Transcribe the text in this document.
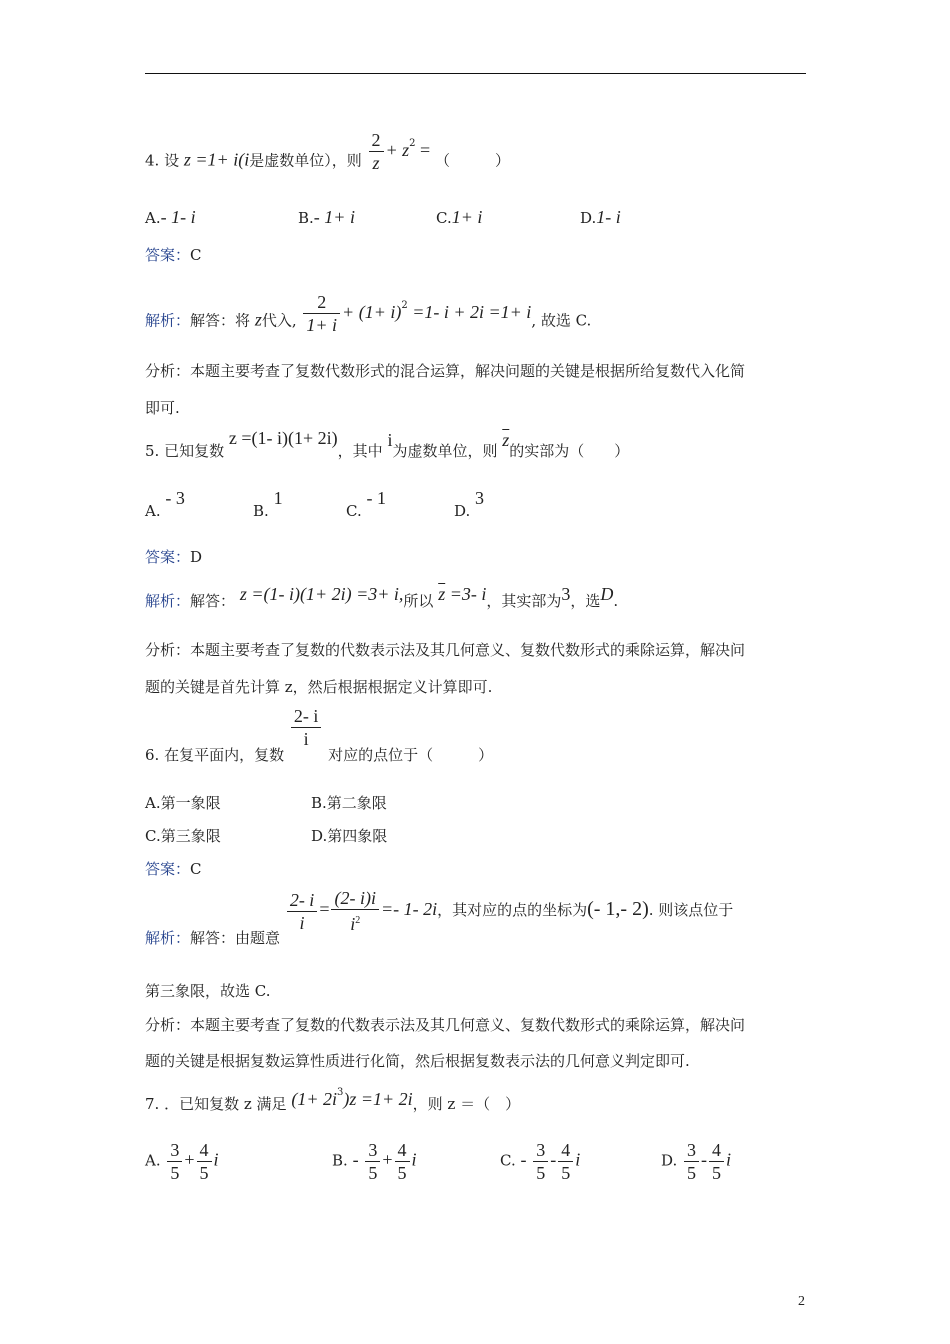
4. 设 z =1+ i(i是虚数单位），则 $\frac{2}{z} + z^2$ = （　　　）
A.- 1- i	B.- 1+ i	C.1+ i	D.1- i
答案：C
解析：解答：将 z代入, $\frac{2}{1+ i} + (1+ i)^2 =1-$ i + 2i =1+ i, 故选 C.
分析：本题主要考查了复数代数形式的混合运算，解决问题的关键是根据所给复数代入化简
即可.
5. 已知复数 z =(1- i)(1+ 2i)，其中 i为虚数单位，则 $\overline{z}$的实部为（　　）
A. - 3
B. 1
C. - 1
D. 3
答案：D
解析：解答： z =(1- i)(1+ 2i) =3+ i,所以 $\overline{z} =3-$ i，其实部为3，选D.
分析：本题主要考查了复数的代数表示法及其几何意义、复数代数形式的乘除运算，解决问
题的关键是首先计算 z，然后根据根据定义计算即可.
6. 在复平面内，复数
$\frac{2- i}{i}$
对应的点位于（　　　）
A.第一象限	B.第二象限
C.第三象限	D.第四象限
答案：C
解析：解答：由题意
$\frac{2- i}{i} = \frac{(2- i)i}{i^2} =- 1-$ 2i，其对应的点的坐标为(- 1,- 2). 则该点位于
第三象限，故选 C.
分析：本题主要考查了复数的代数表示法及其几何意义、复数代数形式的乘除运算，解决问
题的关键是根据复数运算性质进行化简，然后根据复数表示法的几何意义判定即可.
7. ．已知复数 z 满足 $(1+ 2i^3)z =1+ 2i$，则 z ＝（　）
A. $\frac{3}{5} + \frac{4}{5}$ i	B. - $\frac{3}{5} + \frac{4}{5}$ i	C. - $\frac{3}{5} - \frac{4}{5}$ i	D. $\frac{3}{5} - \frac{4}{5}$ i
2
